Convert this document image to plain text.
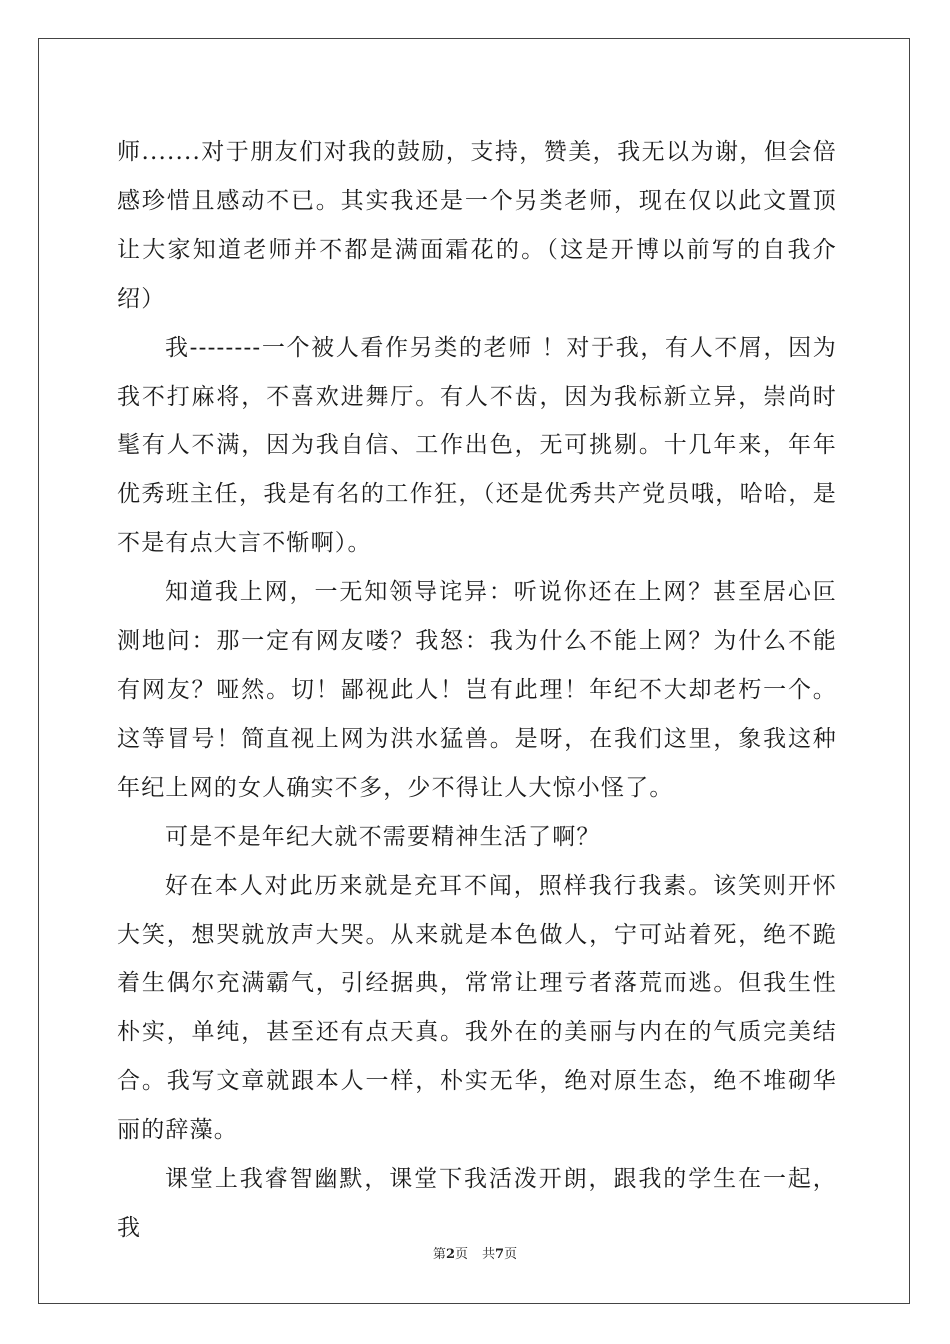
师.......对于朋友们对我的鼓励，支持，赞美，我无以为谢，但会倍感珍惜且感动不已。其实我还是一个另类老师，现在仅以此文置顶让大家知道老师并不都是满面霜花的。（这是开博以前写的自我介绍）

我--------一个被人看作另类的老师 ！对于我，有人不屑，因为我不打麻将，不喜欢进舞厅。有人不齿，因为我标新立异，崇尚时髦有人不满，因为我自信、工作出色，无可挑剔。十几年来，年年优秀班主任，我是有名的工作狂，（还是优秀共产党员哦，哈哈，是不是有点大言不惭啊）。

知道我上网，一无知领导诧异：听说你还在上网？甚至居心叵测地问：那一定有网友喽？我怒：我为什么不能上网？为什么不能有网友？哑然。切！鄙视此人！岂有此理！年纪不大却老朽一个。这等冒号！简直视上网为洪水猛兽。是呀，在我们这里，象我这种年纪上网的女人确实不多，少不得让人大惊小怪了。

可是不是年纪大就不需要精神生活了啊？

好在本人对此历来就是充耳不闻，照样我行我素。该笑则开怀大笑，想哭就放声大哭。从来就是本色做人，宁可站着死，绝不跪着生偶尔充满霸气，引经据典，常常让理亏者落荒而逃。但我生性朴实，单纯，甚至还有点天真。我外在的美丽与内在的气质完美结合。我写文章就跟本人一样，朴实无华，绝对原生态，绝不堆砌华丽的辞藻。

课堂上我睿智幽默，课堂下我活泼开朗，跟我的学生在一起，我

第2页 共7页
